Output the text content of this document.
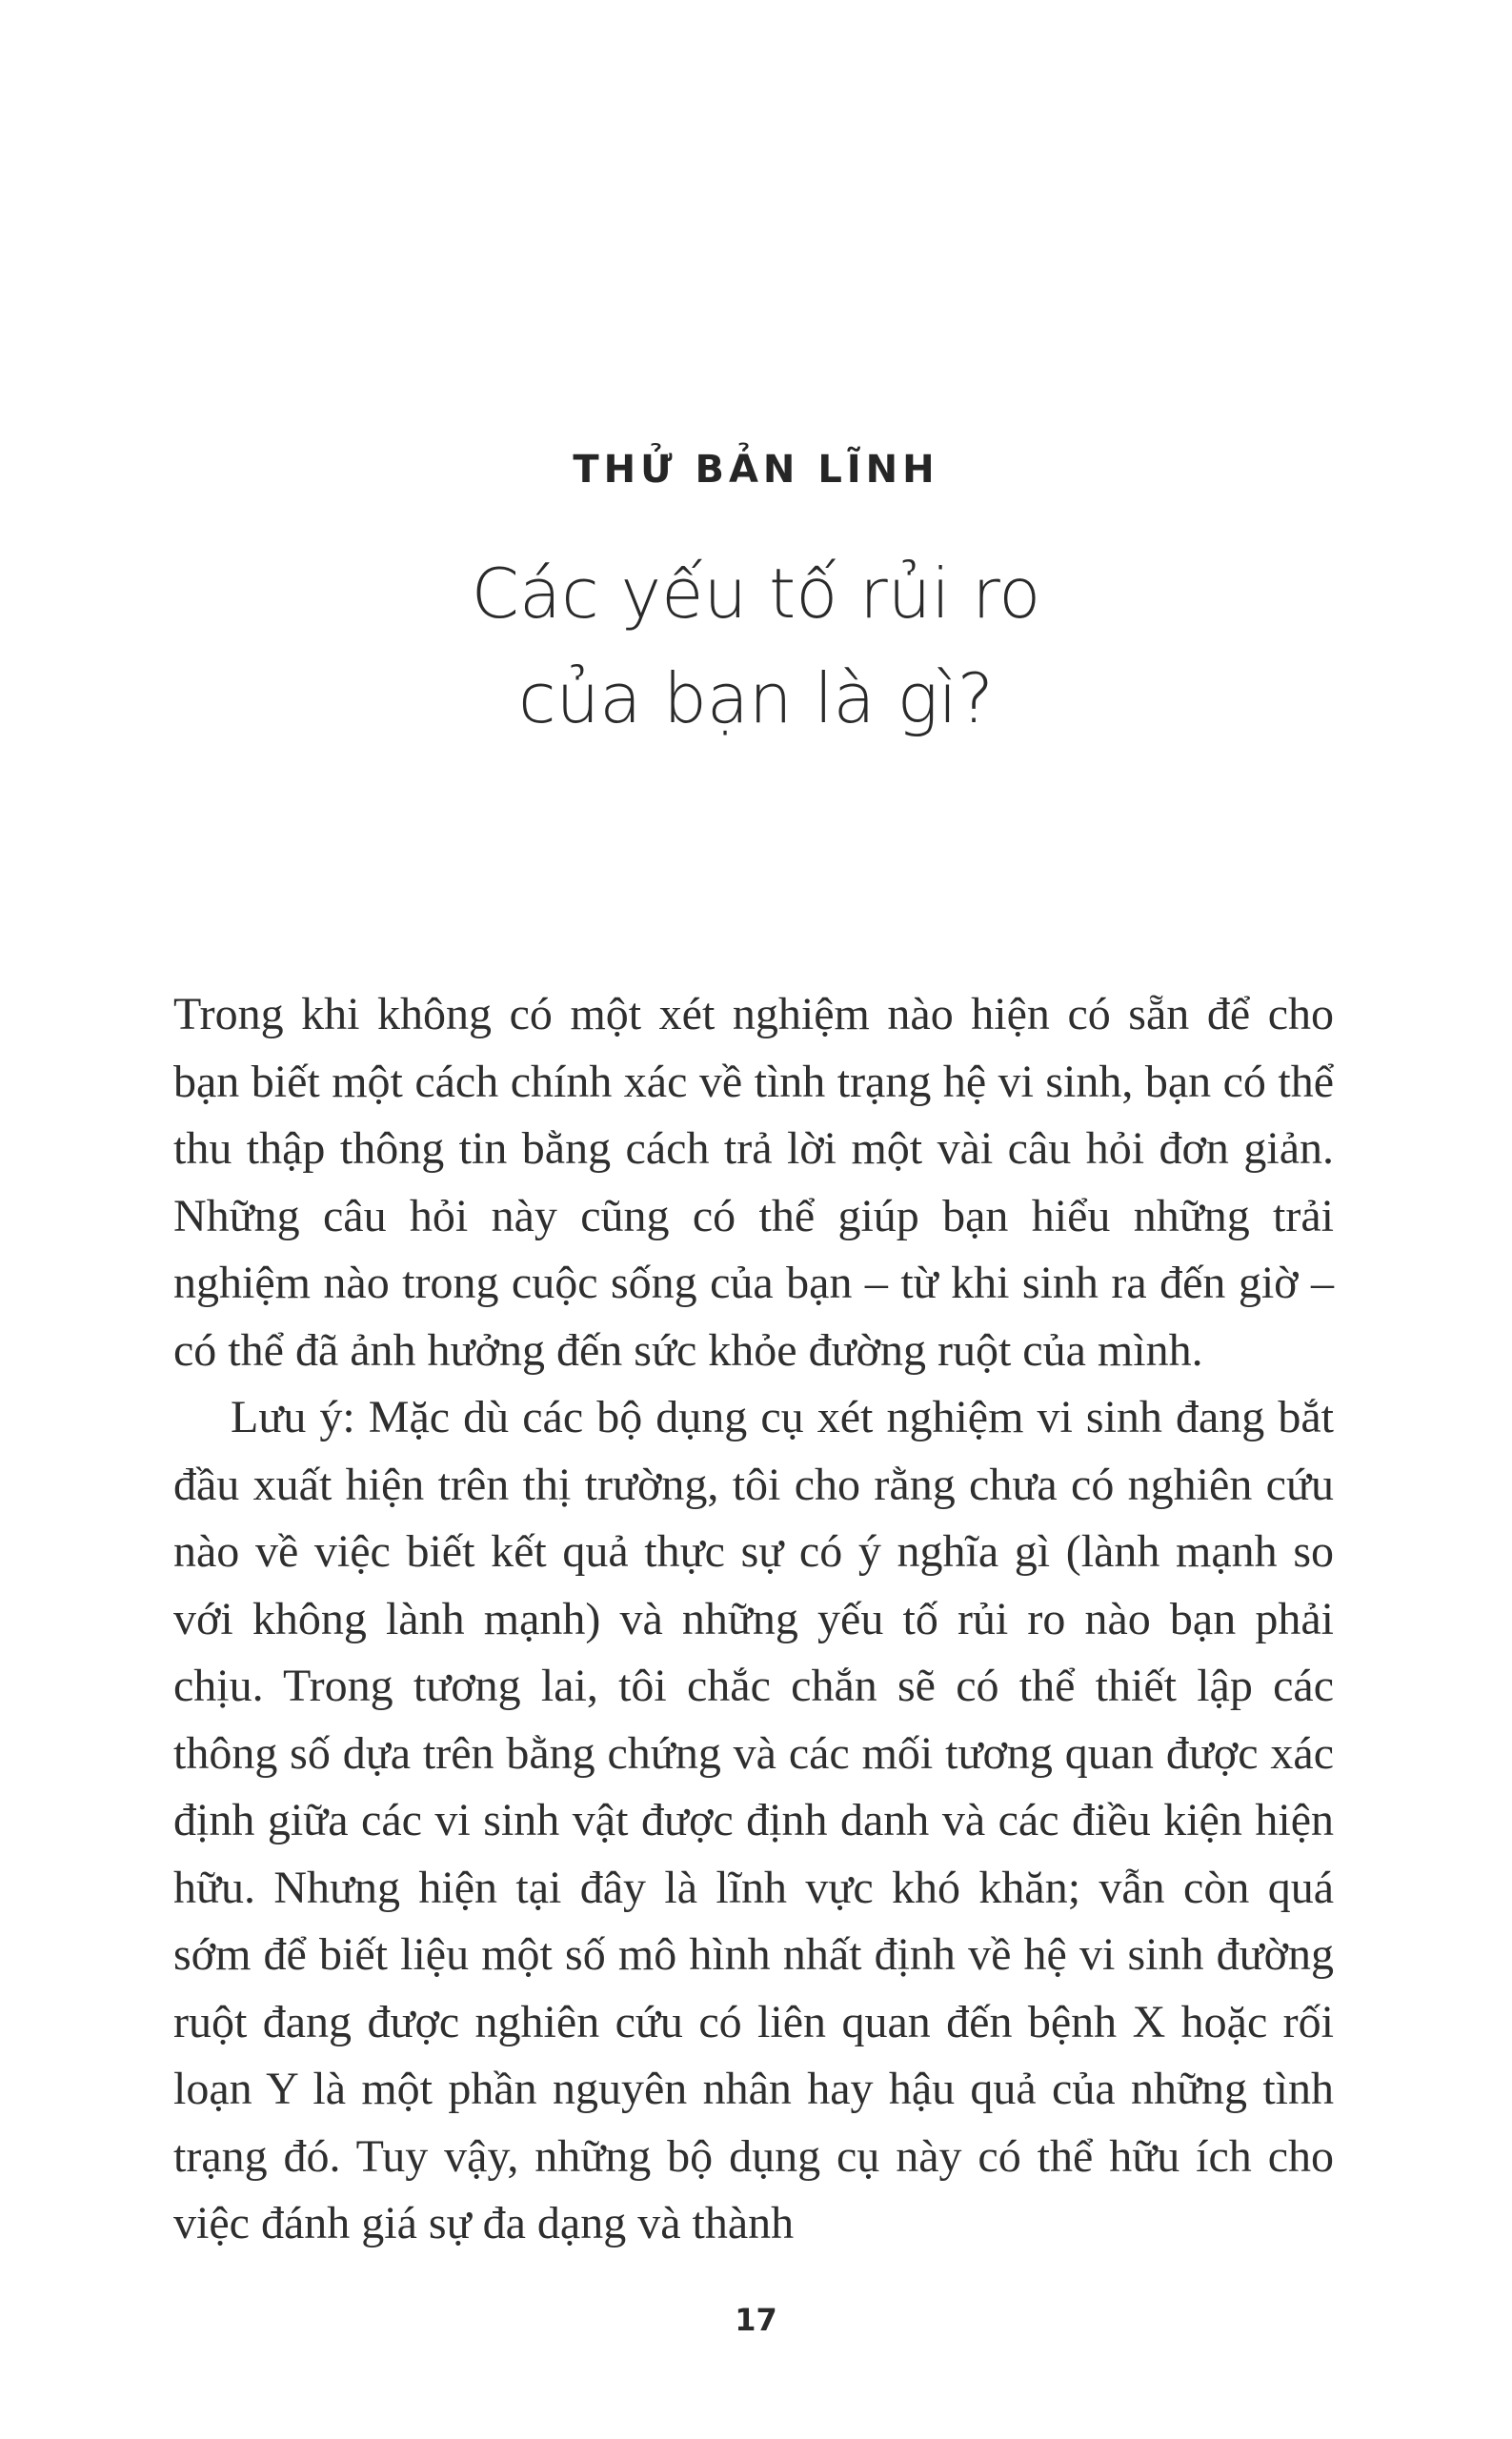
THỬ BẢN LĨNH
Các yếu tố rủi ro
của bạn là gì?

Trong khi không có một xét nghiệm nào hiện có sẵn để cho bạn biết một cách chính xác về tình trạng hệ vi sinh, bạn có thể thu thập thông tin bằng cách trả lời một vài câu hỏi đơn giản. Những câu hỏi này cũng có thể giúp bạn hiểu những trải nghiệm nào trong cuộc sống của bạn – từ khi sinh ra đến giờ – có thể đã ảnh hưởng đến sức khỏe đường ruột của mình.

Lưu ý: Mặc dù các bộ dụng cụ xét nghiệm vi sinh đang bắt đầu xuất hiện trên thị trường, tôi cho rằng chưa có nghiên cứu nào về việc biết kết quả thực sự có ý nghĩa gì (lành mạnh so với không lành mạnh) và những yếu tố rủi ro nào bạn phải chịu. Trong tương lai, tôi chắc chắn sẽ có thể thiết lập các thông số dựa trên bằng chứng và các mối tương quan được xác định giữa các vi sinh vật được định danh và các điều kiện hiện hữu. Nhưng hiện tại đây là lĩnh vực khó khăn; vẫn còn quá sớm để biết liệu một số mô hình nhất định về hệ vi sinh đường ruột đang được nghiên cứu có liên quan đến bệnh X hoặc rối loạn Y là một phần nguyên nhân hay hậu quả của những tình trạng đó. Tuy vậy, những bộ dụng cụ này có thể hữu ích cho việc đánh giá sự đa dạng và thành

17
